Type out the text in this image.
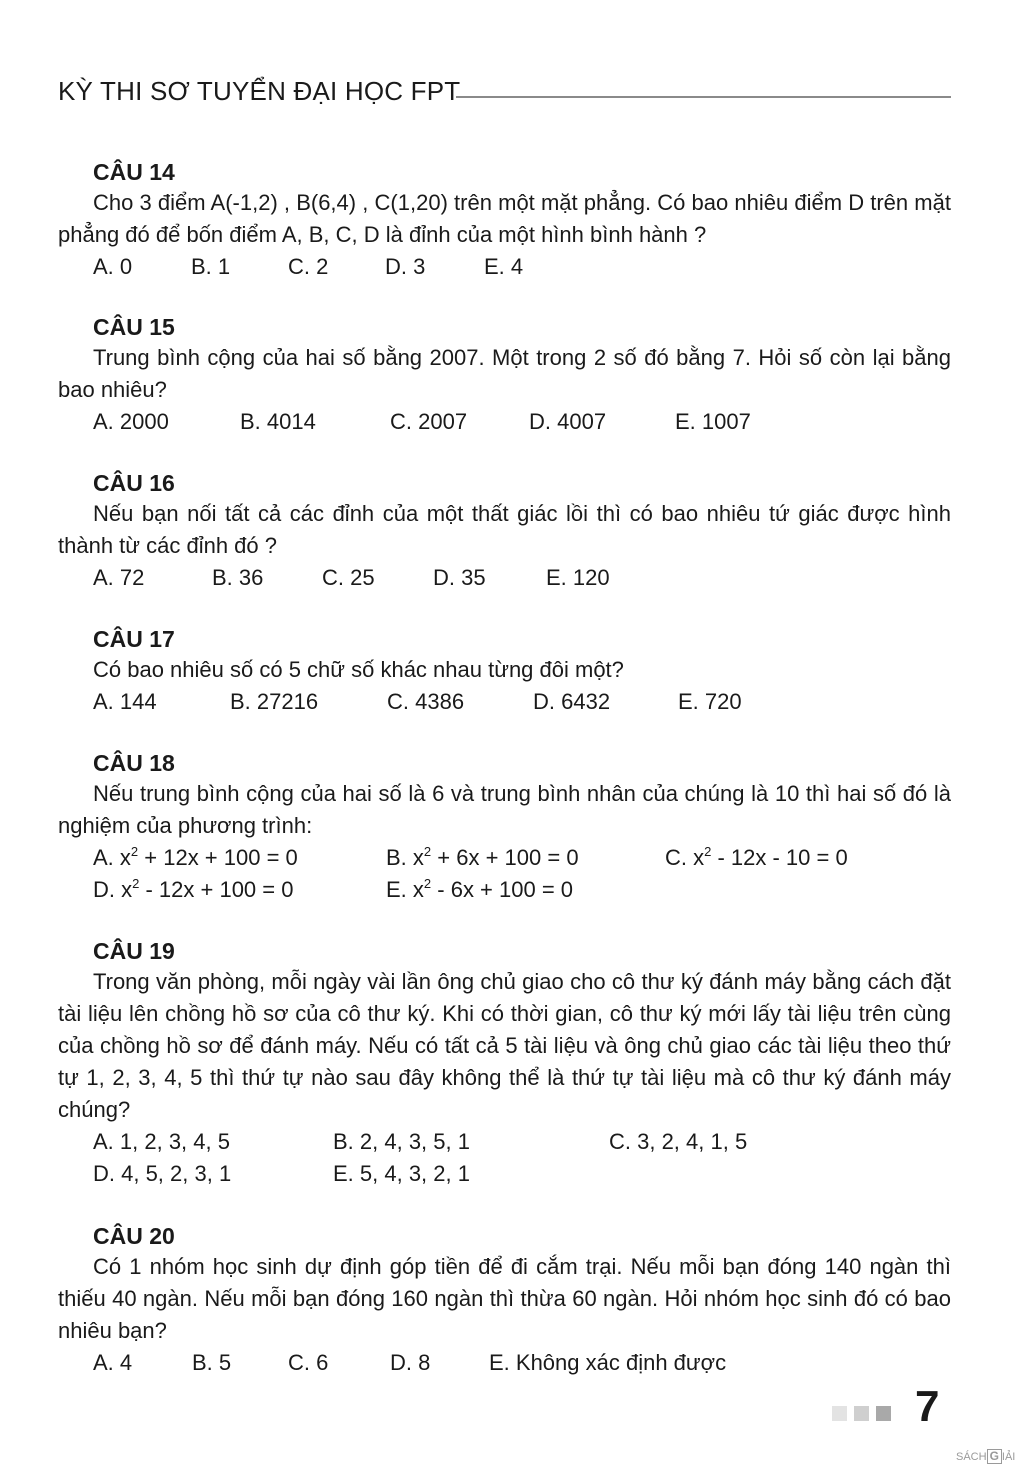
KỲ THI SƠ TUYỂN ĐẠI HỌC FPT
CÂU 14

Cho 3 điểm A(-1,2) , B(6,4) , C(1,20) trên một mặt phẳng. Có bao nhiêu điểm D trên mặt phẳng đó để bốn điểm A, B, C, D là đỉnh của một hình bình hành ?

A. 0	B. 1	C. 2	D. 3	E. 4
CÂU 15

Trung bình cộng của hai số bằng 2007. Một trong 2 số đó bằng 7. Hỏi số còn lại bằng bao nhiêu?

A. 2000	B. 4014	C. 2007	D. 4007	E. 1007
CÂU 16

Nếu bạn nối tất cả các đỉnh của một thất giác lồi thì có bao nhiêu tứ giác được hình thành từ các đỉnh đó ?

A. 72	B. 36	C. 25	D. 35	E. 120
CÂU 17

Có bao nhiêu số có 5 chữ số khác nhau từng đôi một?

A. 144	B. 27216	C. 4386	D. 6432	E. 720
CÂU 18

Nếu trung bình cộng của hai số là 6 và trung bình nhân của chúng là 10 thì hai số đó là nghiệm của phương trình:

A. $x^2 + 12x + 100 = 0$	B. $x^2 + 6x + 100 = 0$	C. $x^2 - 12x - 10 = 0$
D. $x^2 - 12x + 100 = 0$	E. $x^2 - 6x + 100 = 0$
CÂU 19

Trong văn phòng, mỗi ngày vài lần ông chủ giao cho cô thư ký đánh máy bằng cách đặt tài liệu lên chồng hồ sơ của cô thư ký. Khi có thời gian, cô thư ký mới lấy tài liệu trên cùng của chồng hồ sơ để đánh máy. Nếu có tất cả 5 tài liệu và ông chủ giao các tài liệu theo thứ tự 1, 2, 3, 4, 5 thì thứ tự nào sau đây không thể là thứ tự tài liệu mà cô thư ký đánh máy chúng?

A. 1, 2, 3, 4, 5	B. 2, 4, 3, 5, 1	C. 3, 2, 4, 1, 5
D. 4, 5, 2, 3, 1	E. 5, 4, 3, 2, 1
CÂU 20

Có 1 nhóm học sinh dự định góp tiền để đi cắm trại. Nếu mỗi bạn đóng 140 ngàn thì thiếu 40 ngàn. Nếu mỗi bạn đóng 160 ngàn thì thừa 60 ngàn. Hỏi nhóm học sinh đó có bao nhiêu bạn?

A. 4	B. 5	C. 6	D. 8	E. Không xác định được
7
SÁCH G IẢI
